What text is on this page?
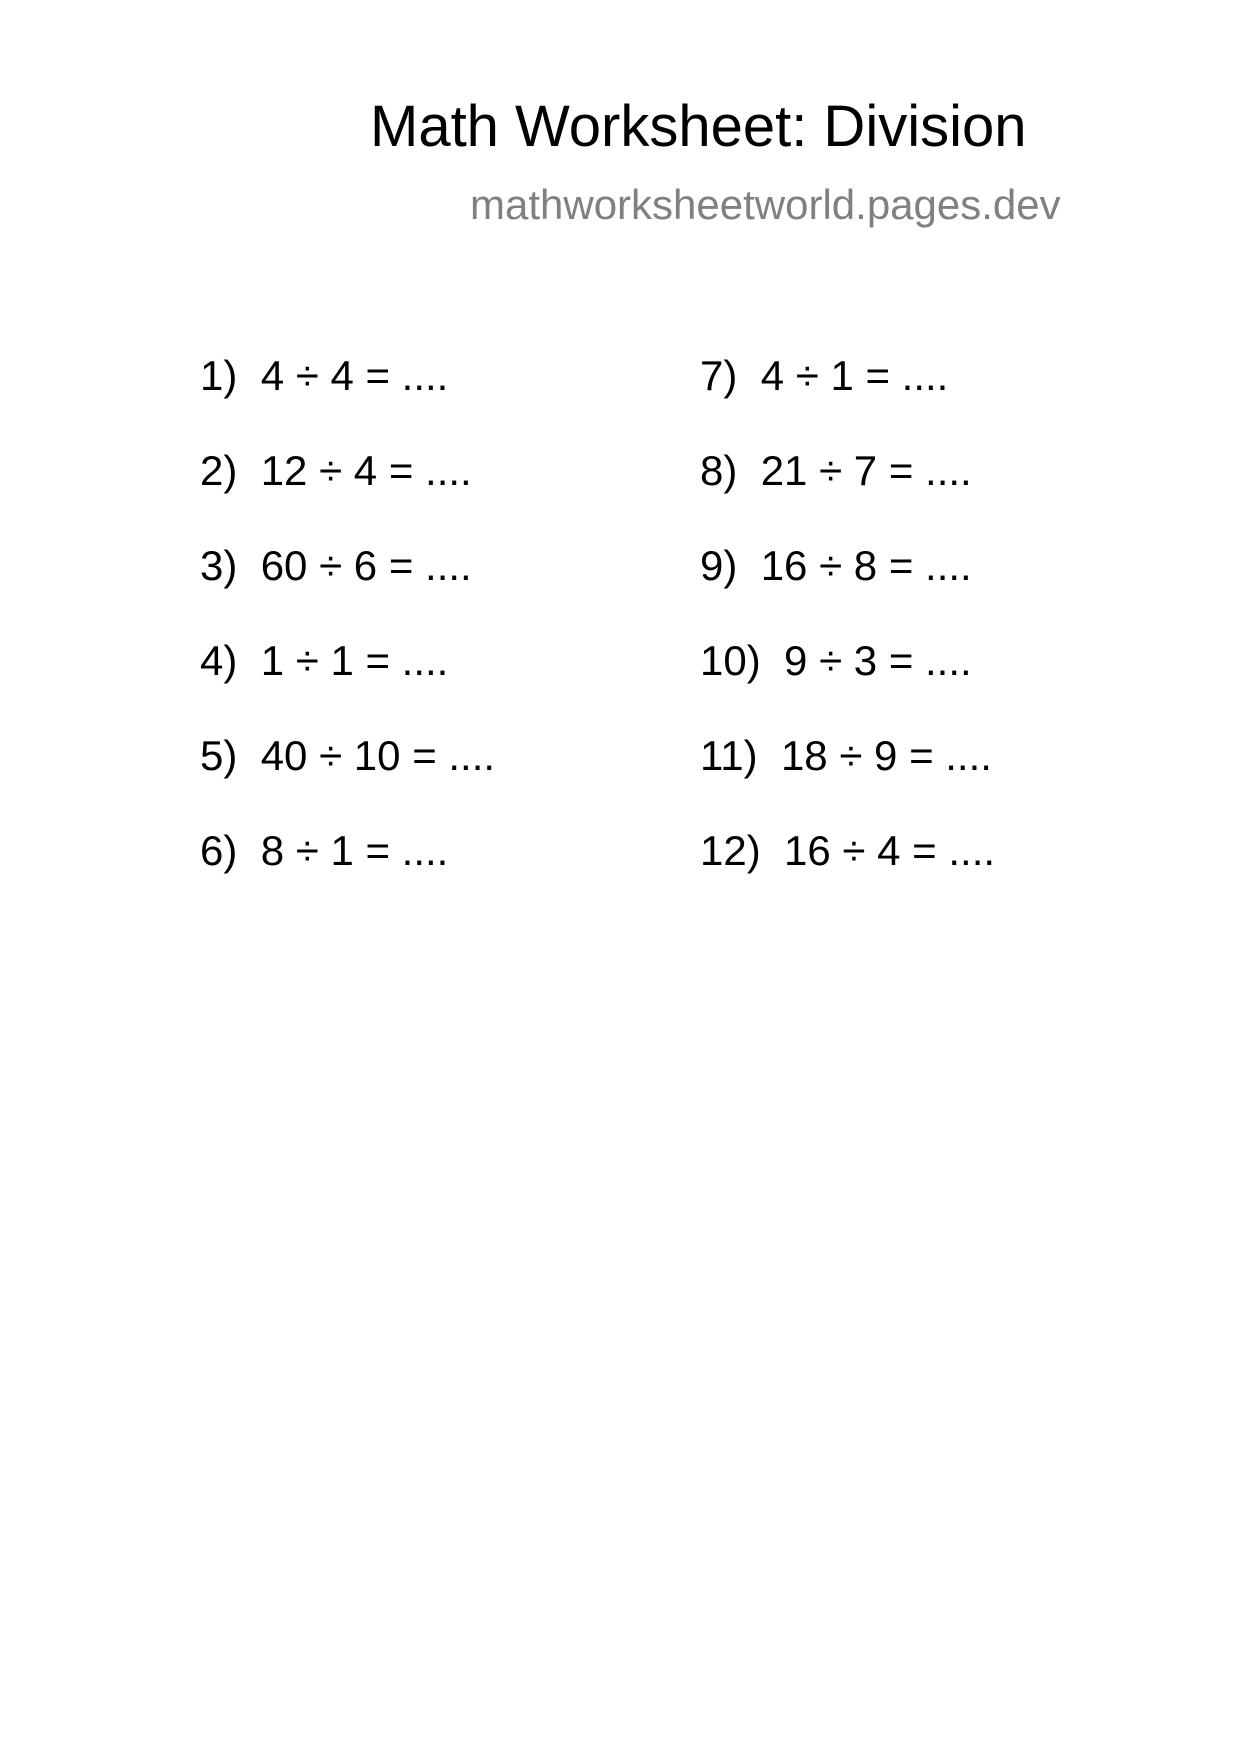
Math Worksheet: Division
mathworksheetworld.pages.dev
1) 4 ÷ 4 = ....
2) 12 ÷ 4 = ....
3) 60 ÷ 6 = ....
4) 1 ÷ 1 = ....
5) 40 ÷ 10 = ....
6) 8 ÷ 1 = ....
7) 4 ÷ 1 = ....
8) 21 ÷ 7 = ....
9) 16 ÷ 8 = ....
10) 9 ÷ 3 = ....
11) 18 ÷ 9 = ....
12) 16 ÷ 4 = ....
